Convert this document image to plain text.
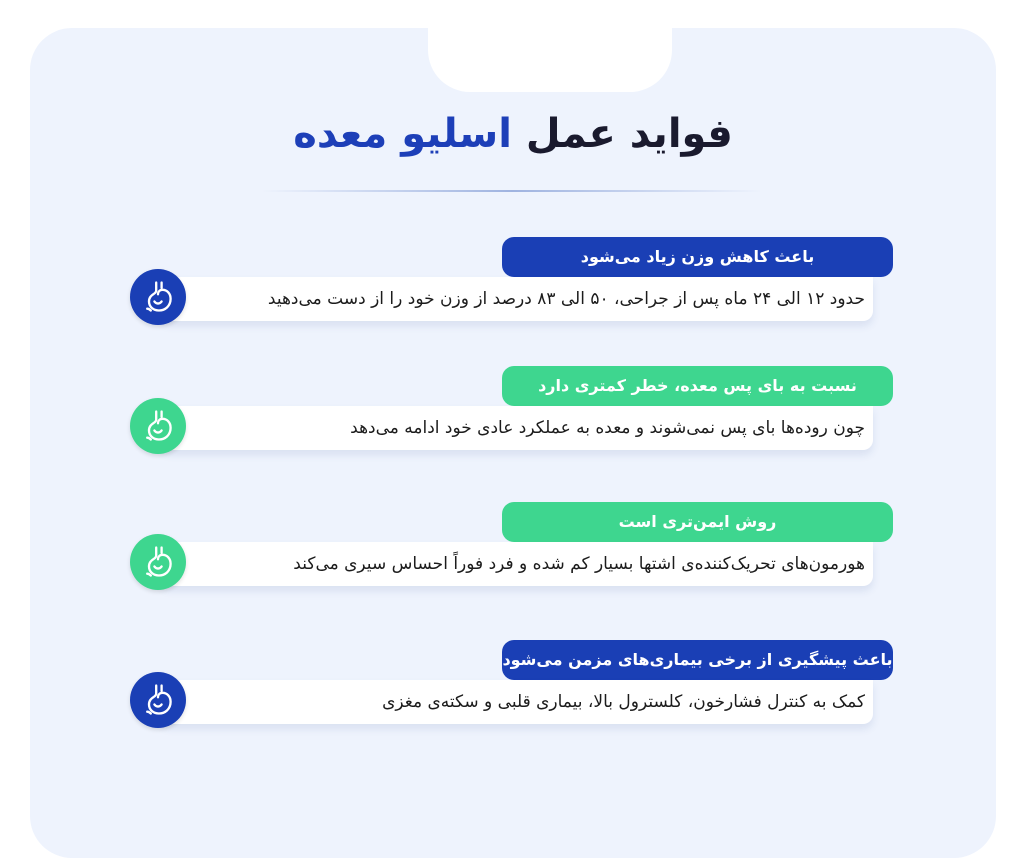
فواید عمل اسلیو معده
باعث کاهش وزن زیاد می‌شود
حدود ۱۲ الی ۲۴ ماه پس از جراحی، ۵۰ الی ۸۳ درصد از وزن خود را از دست می‌دهید
نسبت به بای پس معده، خطر کمتری دارد
چون روده‌ها بای پس نمی‌شوند و معده به عملکرد عادی خود ادامه می‌دهد
روش ایمن‌تری است
هورمون‌های تحریک‌کننده‌ی اشتها بسیار کم شده و فرد فوراً احساس سیری می‌کند
باعث پیشگیری از برخی بیماری‌های مزمن می‌شود
کمک به کنترل فشارخون، کلسترول بالا، بیماری قلبی و سکته‌ی مغزی
